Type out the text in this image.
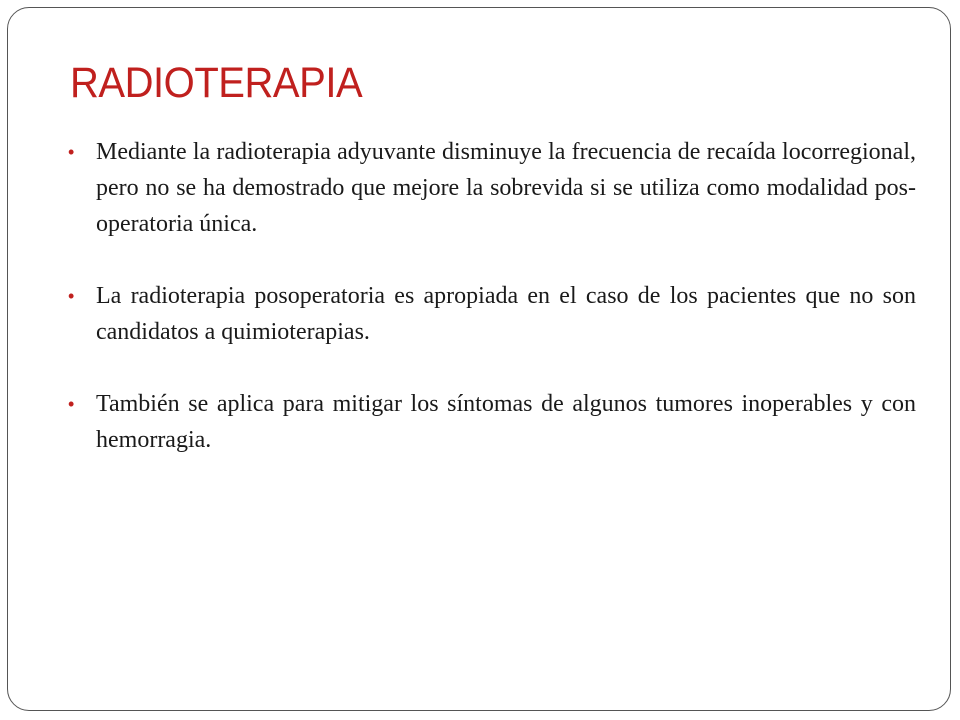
RADIOTERAPIA
• Mediante la radioterapia adyuvante disminuye la frecuencia de recaída locorregional, pero no se ha demostrado que mejore la sobrevida si se utiliza como modalidad pos-operatoria única.
• La radioterapia posoperatoria es apropiada en el caso de los pacientes que no son candidatos a quimioterapias.
• También se aplica para mitigar los síntomas de algunos tumores inoperables y con hemorragia.
